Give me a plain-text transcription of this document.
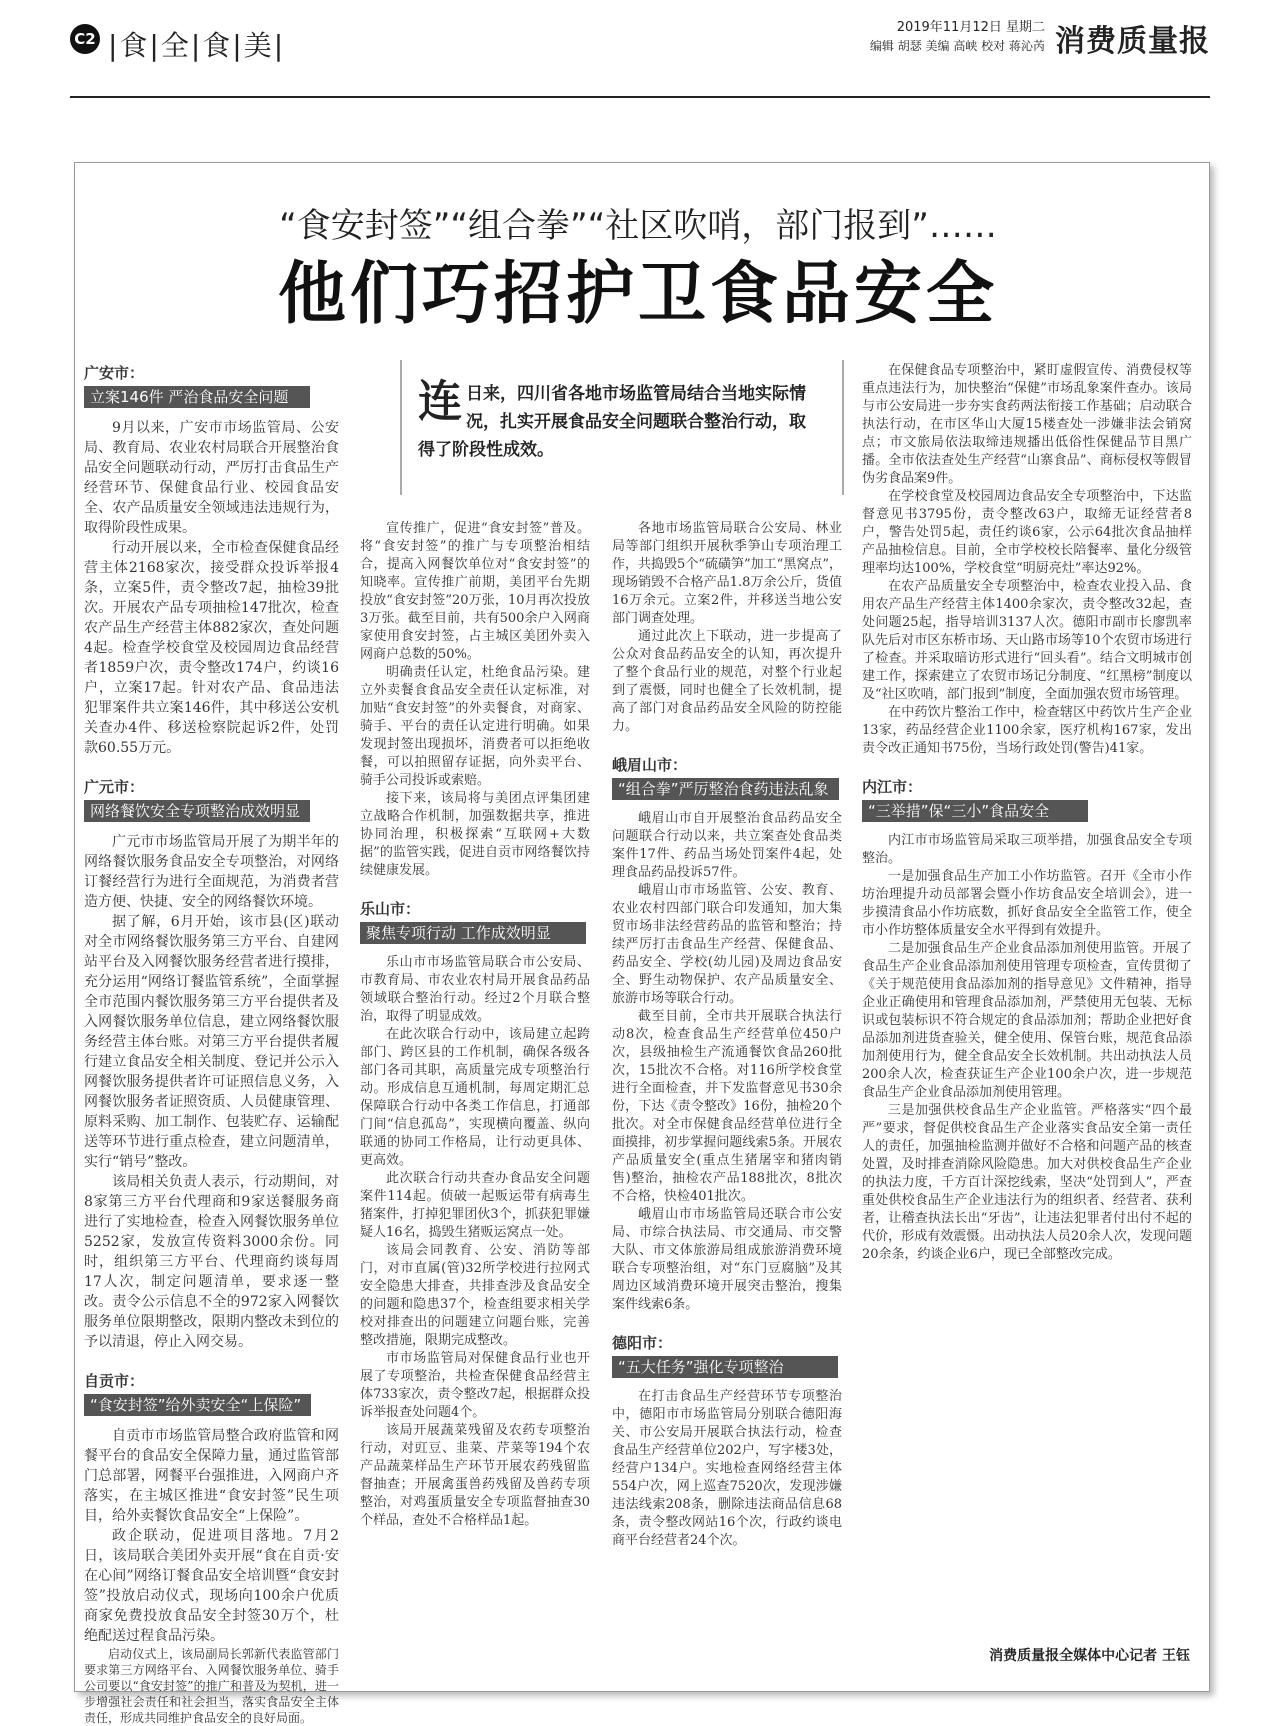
C2 |食|全|食|美|
2019年11月12日 星期二
编辑 胡瑟 美编 高峡 校对 蒋沁芮 消费质量报
“食安封签”“组合拳”“社区吹哨，部门报到”……
他们巧招护卫食品安全
连 日来，四川省各地市场监管局结合当地实际情况，扎实开展食品安全问题联合整治行动，取得了阶段性成效。
广安市：
立案146件 严治食品安全问题

9月以来，广安市市场监管局、公安局、教育局、农业农村局联合开展整治食品安全问题联动行动，严厉打击食品生产经营环节、保健食品行业、校园食品安全、农产品质量安全领域违法违规行为，取得阶段性成果。

行动开展以来，全市检查保健食品经营主体2168家次，接受群众投诉举报4条，立案5件，责令整改7起，抽检39批次。开展农产品专项抽检147批次，检查农产品生产经营主体882家次，查处问题4起。检查学校食堂及校园周边食品经营者1859户次，责令整改174户，约谈16户，立案17起。针对农产品、食品违法犯罪案件共立案146件，其中移送公安机关查办4件、移送检察院起诉2件，处罚款60.55万元。

广元市：
网络餐饮安全专项整治成效明显

广元市市场监管局开展了为期半年的网络餐饮服务食品安全专项整治，对网络订餐经营行为进行全面规范，为消费者营造方便、快捷、安全的网络餐饮环境。

据了解，6月开始，该市县(区)联动对全市网络餐饮服务第三方平台、自建网站平台及入网餐饮服务经营者进行摸排，充分运用“网络订餐监管系统”，全面掌握全市范围内餐饮服务第三方平台提供者及入网餐饮服务单位信息，建立网络餐饮服务经营主体台账。对第三方平台提供者履行建立食品安全相关制度、登记并公示入网餐饮服务提供者许可证照信息义务，入网餐饮服务者证照资质、人员健康管理、原料采购、加工制作、包装贮存、运输配送等环节进行重点检查，建立问题清单，实行“销号”整改。

该局相关负责人表示，行动期间，对8家第三方平台代理商和9家送餐服务商进行了实地检查，检查入网餐饮服务单位5252家，发放宣传资料3000余份。同时，组织第三方平台、代理商约谈每周17人次，制定问题清单，要求逐一整改。责令公示信息不全的972家入网餐饮服务单位限期整改，限期内整改未到位的予以清退，停止入网交易。

自贡市：
“食安封签”给外卖安全“上保险”

自贡市市场监管局整合政府监管和网餐平台的食品安全保障力量，通过监管部门总部署，网餐平台强推进，入网商户齐落实，在主城区推进“食安封签”民生项目，给外卖餐饮食品安全“上保险”。

政企联动，促进项目落地。7月2日，该局联合美团外卖开展“食在自贡·安在心间”网络订餐食品安全培训暨“食安封签”投放启动仪式，现场向100余户优质商家免费投放食品安全封签30万个，杜绝配送过程食品污染。

启动仪式上，该局副局长郭新代表监管部门要求第三方网络平台、入网餐饮服务单位、骑手公司要以“食安封签”的推广和普及为契机，进一步增强社会责任和社会担当，落实食品安全主体责任，形成共同维护食品安全的良好局面。

宣传推广，促进“食安封签”普及。将“食安封签”的推广与专项整治相结合，提高入网餐饮单位对“食安封签”的知晓率。宣传推广前期，美团平台先期投放“食安封签”20万张，10月再次投放3万张。截至目前，共有500余户入网商家使用食安封签，占主城区美团外卖入网商户总数的50%。

明确责任认定，杜绝食品污染。建立外卖餐食食品安全责任认定标准，对加贴“食安封签”的外卖餐食，对商家、骑手、平台的责任认定进行明确。如果发现封签出现损坏，消费者可以拒绝收餐，可以拍照留存证据，向外卖平台、骑手公司投诉或索赔。

接下来，该局将与美团点评集团建立战略合作机制，加强数据共享，推进协同治理，积极探索“互联网+大数据”的监管实践，促进自贡市网络餐饮持续健康发展。

乐山市：
聚焦专项行动 工作成效明显

乐山市市场监管局联合市公安局、市教育局、市农业农村局开展食品药品领域联合整治行动。经过2个月联合整治，取得了明显成效。

在此次联合行动中，该局建立起跨部门、跨区县的工作机制，确保各级各部门各司其职，高质量完成专项整治行动。形成信息互通机制，每周定期汇总保障联合行动中各类工作信息，打通部门间“信息孤岛”，实现横向覆盖、纵向联通的协同工作格局，让行动更具体、更高效。

此次联合行动共查办食品安全问题案件114起。侦破一起贩运带有病毒生猪案件，打掉犯罪团伙3个，抓获犯罪嫌疑人16名，捣毁生猪贩运窝点一处。

该局会同教育、公安、消防等部门，对市直属(管)32所学校进行拉网式安全隐患大排查，共排查涉及食品安全的问题和隐患37个，检查组要求相关学校对排查出的问题建立问题台账，完善整改措施，限期完成整改。

市市场监管局对保健食品行业也开展了专项整治，共检查保健食品经营主体733家次，责令整改7起，根据群众投诉举报查处问题4个。

该局开展蔬菜残留及农药专项整治行动，对豇豆、韭菜、芹菜等194个农产品蔬菜样品生产环节开展农药残留监督抽查；开展禽蛋兽药残留及兽药专项整治，对鸡蛋质量安全专项监督抽查30个样品，查处不合格样品1起。

各地市场监管局联合公安局、林业局等部门组织开展秋季笋山专项治理工作，共捣毁5个“硫磺笋”加工“黑窝点”，现场销毁不合格产品1.8万余公斤，货值16万余元。立案2件，并移送当地公安部门调查处理。

通过此次上下联动，进一步提高了公众对食品药品安全的认知，再次提升了整个食品行业的规范，对整个行业起到了震慑，同时也健全了长效机制，提高了部门对食品药品安全风险的防控能力。

峨眉山市：
“组合拳”严厉整治食药违法乱象

峨眉山市自开展整治食品药品安全问题联合行动以来，共立案查处食品类案件17件、药品当场处罚案件4起，处理食品药品投诉57件。

峨眉山市市场监管、公安、教育、农业农村四部门联合印发通知，加大集贸市场非法经营药品的监管和整治；持续严厉打击食品生产经营、保健食品、药品安全、学校(幼儿园)及周边食品安全、野生动物保护、农产品质量安全、旅游市场等联合行动。

截至目前，全市共开展联合执法行动8次，检查食品生产经营单位450户次，县级抽检生产流通餐饮食品260批次，15批次不合格。对116所学校食堂进行全面检查，并下发监督意见书30余份，下达《责令整改》16份，抽检20个批次。对全市保健食品经营单位进行全面摸排，初步掌握问题线索5条。开展农产品质量安全(重点生猪屠宰和猪肉销售)整治，抽检农产品188批次，8批次不合格，快检401批次。

峨眉山市市场监管局还联合市公安局、市综合执法局、市交通局、市交警大队、市文体旅游局组成旅游消费环境联合专项整治组，对“东门豆腐脑”及其周边区域消费环境开展突击整治，搜集案件线索6条。

德阳市：
“五大任务”强化专项整治

在打击食品生产经营环节专项整治中，德阳市市场监管局分别联合德阳海关、市公安局开展联合执法行动，检查食品生产经营单位202户，写字楼3处，经营户134户。实地检查网络经营主体554户次，网上巡查7520次，发现涉嫌违法线索208条，删除违法商品信息68条，责令整改网站16个次，行政约谈电商平台经营者24个次。

在保健食品专项整治中，紧盯虚假宣传、消费侵权等重点违法行为，加快整治“保健”市场乱象案件查办。该局与市公安局进一步夯实食药两法衔接工作基础；启动联合执法行动，在市区华山大厦15楼查处一涉嫌非法会销窝点；市文旅局依法取缔违规播出低俗性保健品节目黑广播。全市依法查处生产经营“山寨食品”、商标侵权等假冒伪劣食品案9件。

在学校食堂及校园周边食品安全专项整治中，下达监督意见书3795份，责令整改63户，取缔无证经营者8户，警告处罚5起，责任约谈6家，公示64批次食品抽样产品抽检信息。目前，全市学校校长陪餐率、量化分级管理率均达100%，学校食堂“明厨亮灶”率达92%。

在农产品质量安全专项整治中，检查农业投入品、食用农产品生产经营主体1400余家次，责令整改32起，查处问题25起，指导培训3137人次。德阳市副市长廖凯率队先后对市区东桥市场、天山路市场等10个农贸市场进行了检查。并采取暗访形式进行“回头看”。结合文明城市创建工作，探索建立了农贸市场记分制度、“红黑榜”制度以及“社区吹哨，部门报到”制度，全面加强农贸市场管理。

在中药饮片整治工作中，检查辖区中药饮片生产企业13家，药品经营企业1100余家，医疗机构167家，发出责令改正通知书75份，当场行政处罚(警告)41家。

内江市：
“三举措”保“三小”食品安全

内江市市场监管局采取三项举措，加强食品安全专项整治。

一是加强食品生产加工小作坊监管。召开《全市小作坊治理提升动员部署会暨小作坊食品安全培训会》，进一步摸清食品小作坊底数，抓好食品安全全监管工作，使全市小作坊整体质量安全水平得到有效提升。

二是加强食品生产企业食品添加剂使用监管。开展了食品生产企业食品添加剂使用管理专项检查，宣传贯彻了《关于规范使用食品添加剂的指导意见》文件精神，指导企业正确使用和管理食品添加剂，严禁使用无包装、无标识或包装标识不符合规定的食品添加剂；帮助企业把好食品添加剂进货查验关，健全使用、保管台账，规范食品添加剂使用行为，健全食品安全长效机制。共出动执法人员200余人次，检查获证生产企业100余户次，进一步规范食品生产企业食品添加剂使用管理。

三是加强供校食品生产企业监管。严格落实“四个最严”要求，督促供校食品生产企业落实食品安全第一责任人的责任，加强抽检监测并做好不合格和问题产品的核查处置，及时排查消除风险隐患。加大对供校食品生产企业的执法力度，千方百计深挖线索，坚决“处罚到人”，严查重处供校食品生产企业违法行为的组织者、经营者、获利者，让稽查执法长出“牙齿”，让违法犯罪者付出付不起的代价，形成有效震慑。出动执法人员20余人次，发现问题20余条，约谈企业6户，现已全部整改完成。

消费质量报全媒体中心记者 王钰
